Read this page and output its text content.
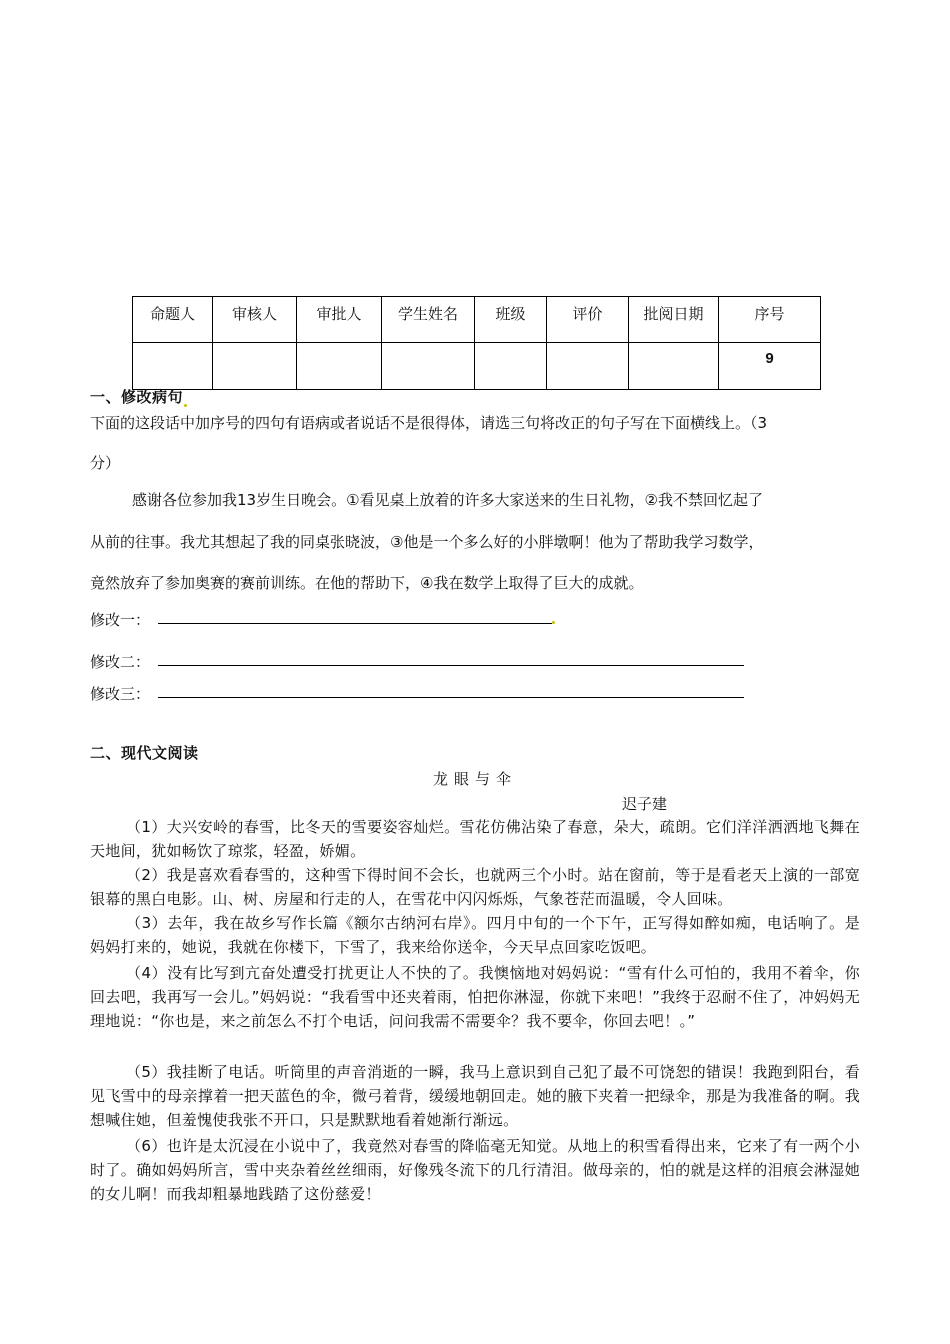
命题人	审核人	审批人	学生姓名	班级	评价	批阅日期	序号
							9
一、修改病句
下面的这段话中加序号的四句有语病或者说话不是很得体，请选三句将改正的句子写在下面横线上。（3
分）
感谢各位参加我13岁生日晚会。①看见桌上放着的许多大家送来的生日礼物，②我不禁回忆起了
从前的往事。我尤其想起了我的同桌张晓波，③他是一个多么好的小胖墩啊！他为了帮助我学习数学，
竟然放弃了参加奥赛的赛前训练。在他的帮助下，④我在数学上取得了巨大的成就。
修改一：
修改二：
修改三：
二、现代文阅读
龙眼与伞
迟子建
（1）大兴安岭的春雪，比冬天的雪要姿容灿烂。雪花仿佛沾染了春意，朵大，疏朗。它们洋洋洒洒地飞舞在天地间，犹如畅饮了琼浆，轻盈，娇媚。
（2）我是喜欢看春雪的，这种雪下得时间不会长，也就两三个小时。站在窗前，等于是看老天上演的一部宽银幕的黑白电影。山、树、房屋和行走的人，在雪花中闪闪烁烁，气象苍茫而温暖，令人回味。
（3）去年，我在故乡写作长篇《额尔古纳河右岸》。四月中旬的一个下午，正写得如醉如痴，电话响了。是妈妈打来的，她说，我就在你楼下，下雪了，我来给你送伞，今天早点回家吃饭吧。
（4）没有比写到亢奋处遭受打扰更让人不快的了。我懊恼地对妈妈说：“雪有什么可怕的，我用不着伞，你回去吧，我再写一会儿。”妈妈说：“我看雪中还夹着雨，怕把你淋湿，你就下来吧！”我终于忍耐不住了，冲妈妈无理地说：“你也是，来之前怎么不打个电话，问问我需不需要伞？我不要伞，你回去吧！。”
（5）我挂断了电话。听筒里的声音消逝的一瞬，我马上意识到自己犯了最不可饶恕的错误！我跑到阳台，看见飞雪中的母亲撑着一把天蓝色的伞，微弓着背，缓缓地朝回走。她的腋下夹着一把绿伞，那是为我准备的啊。我想喊住她，但羞愧使我张不开口，只是默默地看着她渐行渐远。
（6）也许是太沉浸在小说中了，我竟然对春雪的降临毫无知觉。从地上的积雪看得出来，它来了有一两个小时了。确如妈妈所言，雪中夹杂着丝丝细雨，好像残冬流下的几行清泪。做母亲的，怕的就是这样的泪痕会淋湿她的女儿啊！而我却粗暴地践踏了这份慈爱！
